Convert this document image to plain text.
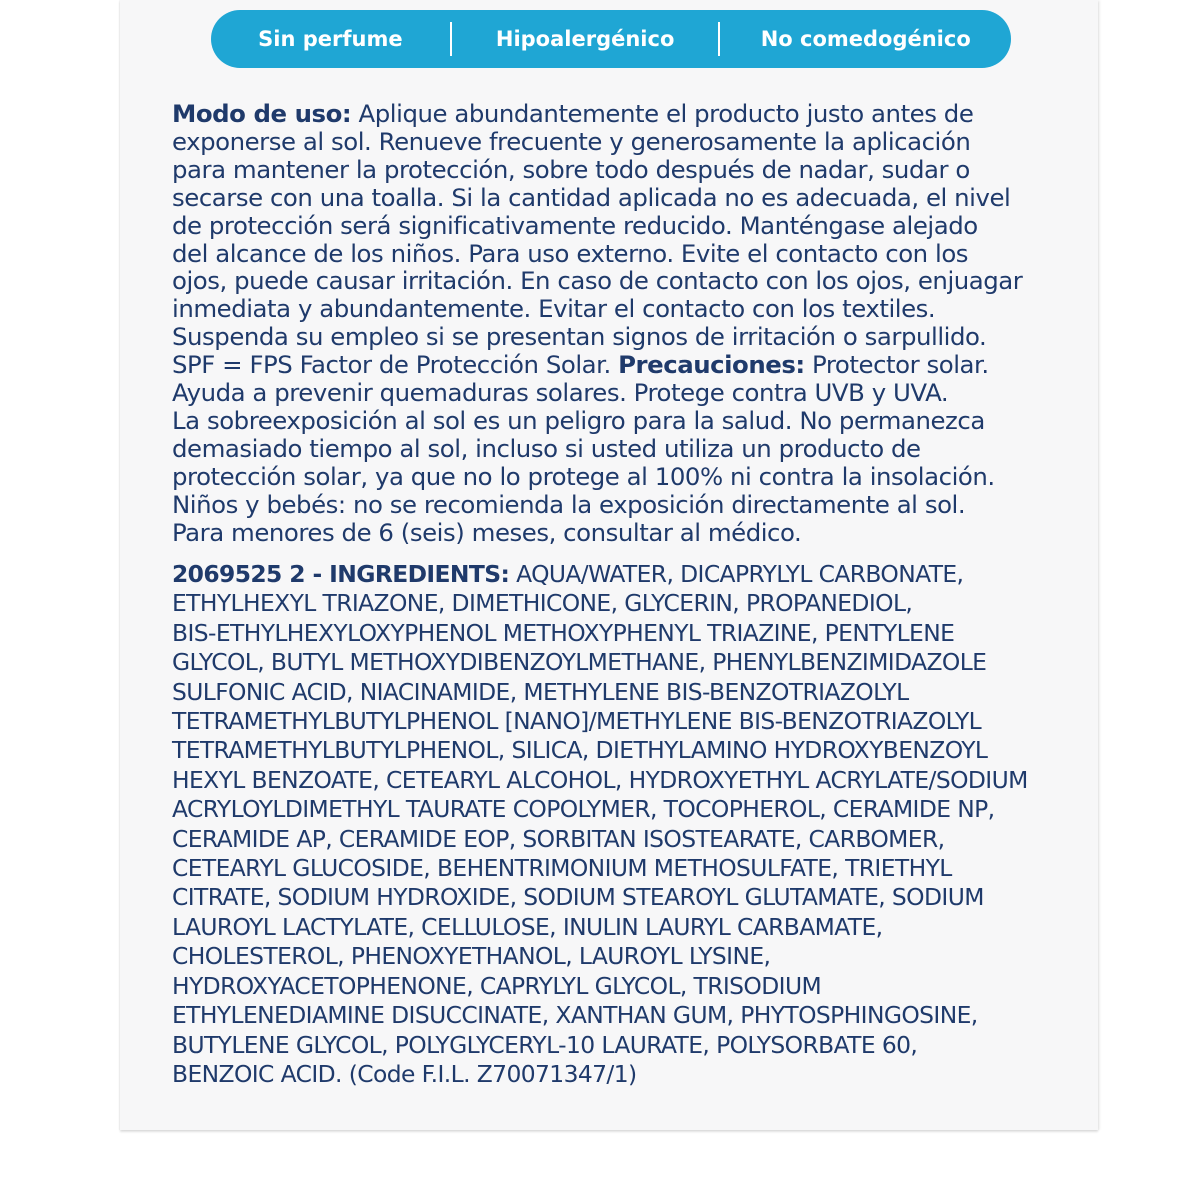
Sin perfume	Hipoalergénico	No comedogénico
Modo de uso: Aplique abundantemente el producto justo antes de
exponerse al sol. Renueve frecuente y generosamente la aplicación
para mantener la protección, sobre todo después de nadar, sudar o
secarse con una toalla. Si la cantidad aplicada no es adecuada, el nivel
de protección será significativamente reducido. Manténgase alejado
del alcance de los niños. Para uso externo. Evite el contacto con los
ojos, puede causar irritación. En caso de contacto con los ojos, enjuagar
inmediata y abundantemente. Evitar el contacto con los textiles.
Suspenda su empleo si se presentan signos de irritación o sarpullido.
SPF = FPS Factor de Protección Solar. Precauciones: Protector solar.
Ayuda a prevenir quemaduras solares. Protege contra UVB y UVA.
La sobreexposición al sol es un peligro para la salud. No permanezca
demasiado tiempo al sol, incluso si usted utiliza un producto de
protección solar, ya que no lo protege al 100% ni contra la insolación.
Niños y bebés: no se recomienda la exposición directamente al sol.
Para menores de 6 (seis) meses, consultar al médico.
2069525 2 - INGREDIENTS: AQUA/WATER, DICAPRYLYL CARBONATE,
ETHYLHEXYL TRIAZONE, DIMETHICONE, GLYCERIN, PROPANEDIOL,
BIS-ETHYLHEXYLOXYPHENOL METHOXYPHENYL TRIAZINE, PENTYLENE
GLYCOL, BUTYL METHOXYDIBENZOYLMETHANE, PHENYLBENZIMIDAZOLE
SULFONIC ACID, NIACINAMIDE, METHYLENE BIS-BENZOTRIAZOLYL
TETRAMETHYLBUTYLPHENOL [NANO]/METHYLENE BIS-BENZOTRIAZOLYL
TETRAMETHYLBUTYLPHENOL, SILICA, DIETHYLAMINO HYDROXYBENZOYL
HEXYL BENZOATE, CETEARYL ALCOHOL, HYDROXYETHYL ACRYLATE/SODIUM
ACRYLOYLDIMETHYL TAURATE COPOLYMER, TOCOPHEROL, CERAMIDE NP,
CERAMIDE AP, CERAMIDE EOP, SORBITAN ISOSTEARATE, CARBOMER,
CETEARYL GLUCOSIDE, BEHENTRIMONIUM METHOSULFATE, TRIETHYL
CITRATE, SODIUM HYDROXIDE, SODIUM STEAROYL GLUTAMATE, SODIUM
LAUROYL LACTYLATE, CELLULOSE, INULIN LAURYL CARBAMATE,
CHOLESTEROL, PHENOXYETHANOL, LAUROYL LYSINE,
HYDROXYACETOPHENONE, CAPRYLYL GLYCOL, TRISODIUM
ETHYLENEDIAMINE DISUCCINATE, XANTHAN GUM, PHYTOSPHINGOSINE,
BUTYLENE GLYCOL, POLYGLYCERYL-10 LAURATE, POLYSORBATE 60,
BENZOIC ACID. (Code F.I.L. Z70071347/1)
